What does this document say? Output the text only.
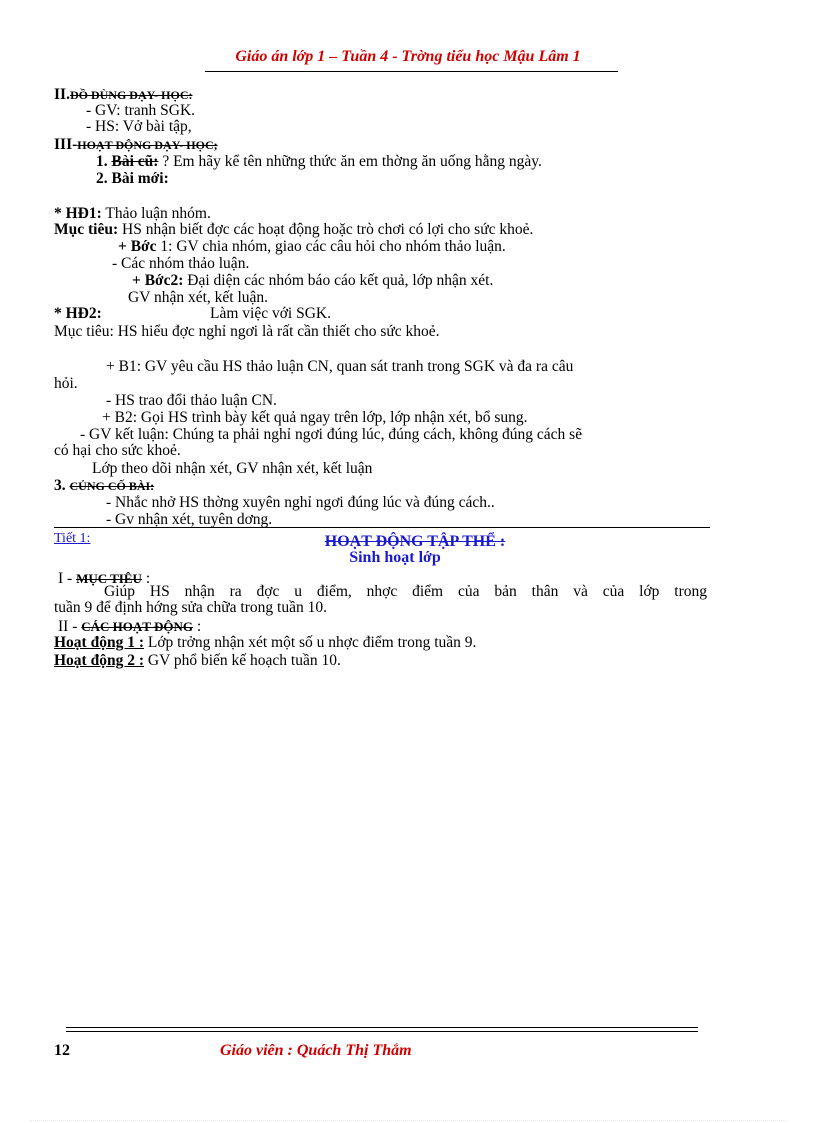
Giáo án lớp 1 – Tuần 4 - Trờng tiểu học Mậu Lâm 1
II.ĐỒ DÙNG DẠY- HỌC:
- GV: tranh SGK.
- HS: Vở bài tập,
III-HOẠT ĐỘNG DẠY- HỌC;
1. Bài cũ: ? Em hãy kể tên những thức ăn em thờng ăn uống hằng ngày.
2. Bài mới:
* HĐ1: Thảo luận nhóm.
Mục tiêu: HS nhận biết đợc các hoạt động hoặc trò chơi có lợi cho sức khoẻ.
+ Bớc 1: GV chia nhóm, giao các câu hỏi cho nhóm thảo luận.
- Các nhóm thảo luận.
+ Bớc2: Đại diện các nhóm báo cáo kết quả, lớp nhận xét.
GV nhận xét, kết luận.
* HĐ2:	Làm việc với SGK.
Mục tiêu: HS hiểu đợc nghỉ ngơi là rất cần thiết cho sức khoẻ.
+ B1: GV yêu cầu HS thảo luận CN, quan sát tranh trong SGK và đa ra câu
hỏi.
- HS trao đổi thảo luận CN.
+ B2: Gọi HS trình bày kết quả ngay trên lớp, lớp nhận xét, bổ sung.
- GV kết luận: Chúng ta phải nghỉ ngơi đúng lúc, đúng cách, không đúng cách sẽ
có hại cho sức khoẻ.
Lớp theo dõi nhận xét, GV nhận xét, kết luận
3. CỦNG CỐ BÀI:
- Nhắc nhở HS thờng xuyên nghỉ ngơi đúng lúc và đúng cách..
- Gv nhận xét, tuyên dơng.
Tiết 1:	HOẠT ĐỘNG TẬP THỂ :
Sinh hoạt lớp
I - MỤC TIÊU :
Giúp HS nhận ra đợc u điểm, nhợc điểm của bản thân và của lớp trong
tuần 9 để định hớng sửa chữa trong tuần 10.
II - CÁC HOẠT ĐỘNG :
Hoạt động 1 : Lớp trởng nhận xét một số u nhợc điểm trong tuần 9.
Hoạt động 2 : GV phổ biến kế hoạch tuần 10.
12	Giáo viên : Quách Thị Thắm
